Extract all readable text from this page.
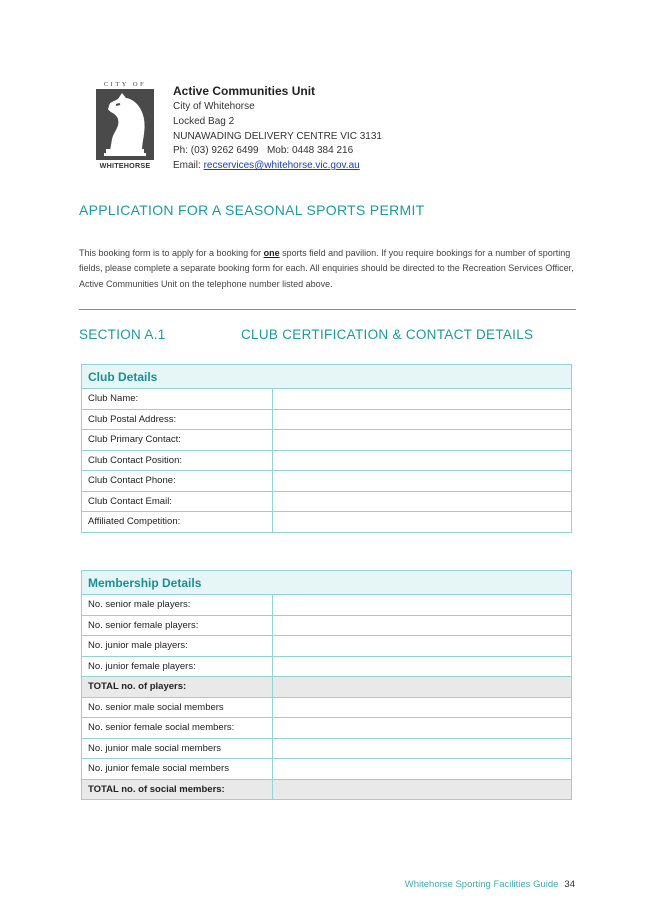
CITY OF
WHITEHORSE
Active Communities Unit
City of Whitehorse
Locked Bag 2
NUNAWADING DELIVERY CENTRE VIC 3131
Ph: (03) 9262 6499   Mob: 0448 384 216
Email: recservices@whitehorse.vic.gov.au
APPLICATION FOR A SEASONAL SPORTS PERMIT
This booking form is to apply for a booking for one sports field and pavilion. If you require bookings for a number of sporting fields, please complete a separate booking form for each. All enquiries should be directed to the Recreation Services Officer, Active Communities Unit on the telephone number listed above.
SECTION A.1	CLUB CERTIFICATION & CONTACT DETAILS
Club Details	
Club Name:	
Club Postal Address:	
Club Primary Contact:	
Club Contact Position:	
Club Contact Phone:	
Club Contact Email:	
Affiliated Competition:	
Membership Details	
No. senior male players:	
No. senior female players:	
No. junior male players:	
No. junior female players:	
TOTAL no. of players:	
No. senior male social members	
No. senior female social members:	
No. junior male social members	
No. junior female social members	
TOTAL no. of social members:	
Whitehorse Sporting Facilities Guide 34
